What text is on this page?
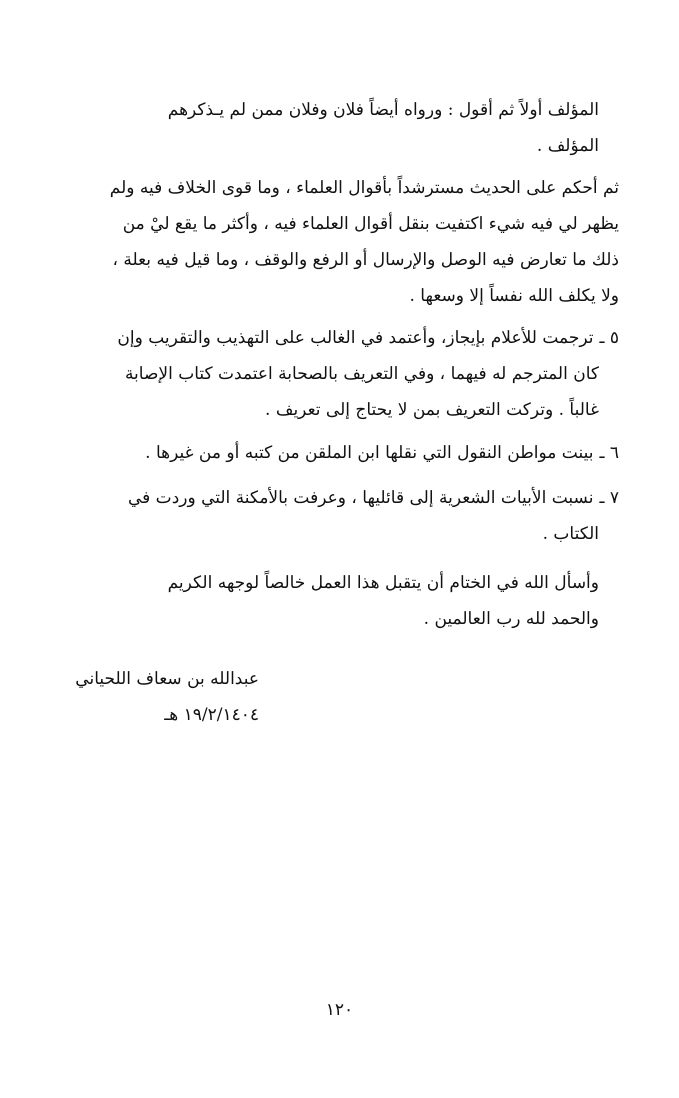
المؤلف أولاً ثم أقول : ورواه أيضاً فلان وفلان ممن لم يـذكرهم
المؤلف .
ثم أحكم على الحديث مسترشداً بأقوال العلماء ، وما قوى الخلاف فيه ولم
يظهر لي فيه شيء اكتفيت بنقل أقوال العلماء فيه ، وأكثر ما يقع ليْ من
ذلك ما تعارض فيه الوصل والإرسال أو الرفع والوقف ، وما قيل فيه بعلة ،
ولا يكلف الله نفساً إلا وسعها .
٥ ـترجمت للأعلام بإيجاز، وأعتمد في الغالب على التهذيب والتقريب وإن
كان المترجم له فيهما ، وفي التعريف بالصحابة اعتمدت كتاب الإصابة
غالباً . وتركت التعريف بمن لا يحتاج إلى تعريف .
٦ ـبينت مواطن النقول التي نقلها ابن الملقن من كتبه أو من غيرها .
٧ ـنسبت الأبيات الشعرية إلى قائليها ، وعرفت بالأمكنة التي وردت في
الكتاب .
وأسأل الله في الختام أن يتقبل هذا العمل خالصاً لوجهه الكريم
والحمد لله رب العالمين .
عبدالله بن سعاف اللحياني
١٩/٢/١٤٠٤ هـ
١٢٠
